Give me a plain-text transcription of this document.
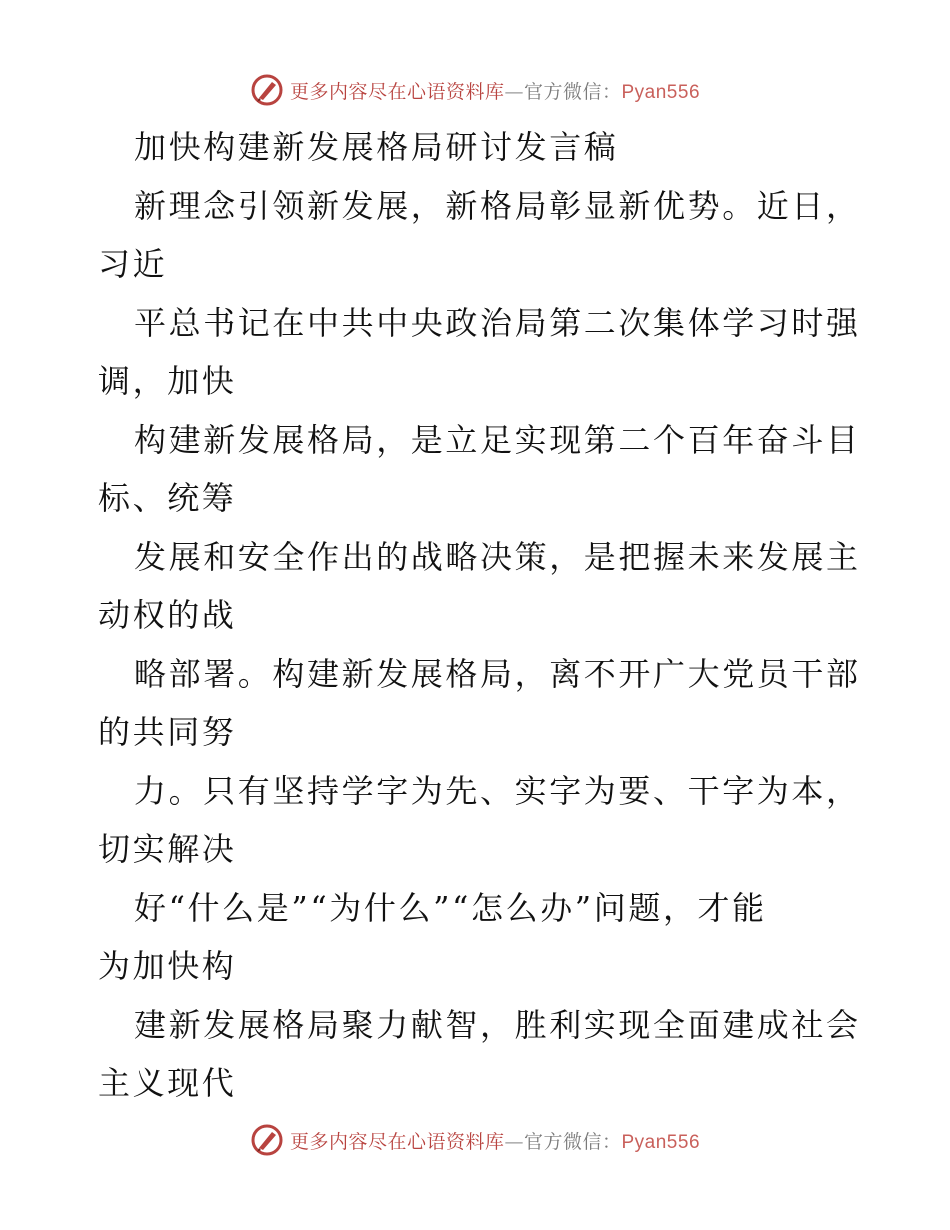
更多内容尽在心语资料库—官方微信：Pyan556
加快构建新发展格局研讨发言稿
新理念引领新发展，新格局彰显新优势。近日，
习近
平总书记在中共中央政治局第二次集体学习时强
调，加快
构建新发展格局，是立足实现第二个百年奋斗目
标、统筹
发展和安全作出的战略决策，是把握未来发展主
动权的战
略部署。构建新发展格局，离不开广大党员干部
的共同努
力。只有坚持学字为先、实字为要、干字为本，
切实解决
好“什么是”“为什么”“怎么办”问题，才能
为加快构
建新发展格局聚力献智，胜利实现全面建成社会
主义现代
更多内容尽在心语资料库—官方微信：Pyan556
